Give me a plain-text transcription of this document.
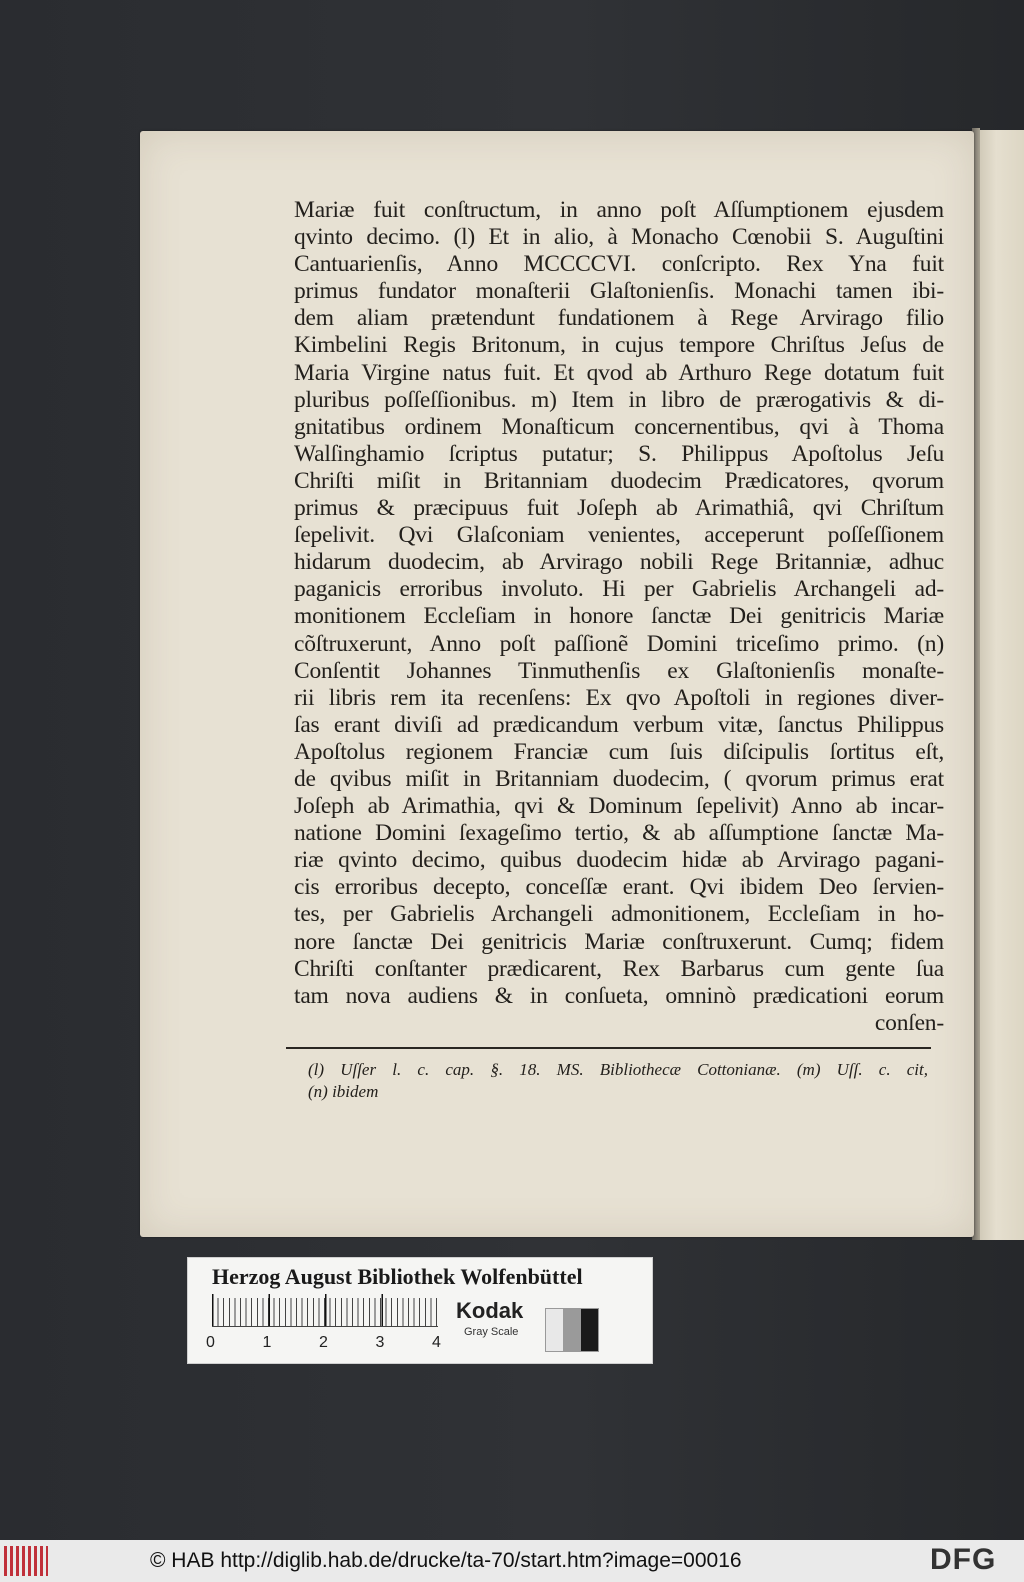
Mariæ fuit conſtructum, in anno poſt Aſſumptionem ejusdem
qvinto decimo. (l) Et in alio, à Monacho Cœnobii S. Auguſtini
Cantuarienſis, Anno MCCCCVI. conſcripto. Rex Yna fuit
primus fundator monaſterii Glaſtonienſis. Monachi tamen ibi-
dem aliam prætendunt fundationem à Rege Arvirago filio
Kimbelini Regis Britonum, in cujus tempore Chriſtus Jeſus de
Maria Virgine natus fuit. Et qvod ab Arthuro Rege dotatum fuit
pluribus poſſeſſionibus. m) Item in libro de prærogativis & di-
gnitatibus ordinem Monaſticum concernentibus, qvi à Thoma
Walſinghamio ſcriptus putatur; S. Philippus Apoſtolus Jeſu
Chriſti miſit in Britanniam duodecim Prædicatores, qvorum
primus & præcipuus fuit Joſeph ab Arimathiâ, qvi Chriſtum
ſepelivit. Qvi Glaſconiam venientes, acceperunt poſſeſſionem
hidarum duodecim, ab Arvirago nobili Rege Britanniæ, adhuc
paganicis erroribus involuto. Hi per Gabrielis Archangeli ad-
monitionem Eccleſiam in honore ſanctæ Dei genitricis Mariæ
cõſtruxerunt, Anno poſt paſſionẽ Domini triceſimo primo. (n)
Conſentit Johannes Tinmuthenſis ex Glaſtonienſis monaſte-
rii libris rem ita recenſens: Ex qvo Apoſtoli in regiones diver-
ſas erant diviſi ad prædicandum verbum vitæ, ſanctus Philippus
Apoſtolus regionem Franciæ cum ſuis diſcipulis ſortitus eſt,
de qvibus miſit in Britanniam duodecim, ( qvorum primus erat
Joſeph ab Arimathia, qvi & Dominum ſepelivit) Anno ab incar-
natione Domini ſexageſimo tertio, & ab aſſumptione ſanctæ Ma-
riæ qvinto decimo, quibus duodecim hidæ ab Arvirago pagani-
cis erroribus decepto, conceſſæ erant. Qvi ibidem Deo ſervien-
tes, per Gabrielis Archangeli admonitionem, Eccleſiam in ho-
nore ſanctæ Dei genitricis Mariæ conſtruxerunt. Cumq; fidem
Chriſti conſtanter prædicarent, Rex Barbarus cum gente ſua
tam nova audiens & in conſueta, omninò prædicationi eorum
conſen-
(l) Uſſer l. c. cap. §. 18. MS. Bibliothecæ Cottonianæ. (m) Uſſ. c. cit,
(n) ibidem
Herzog August Bibliothek Wolfenbüttel
0	1	2	3	4
Kodak
Gray Scale
© HAB http://diglib.hab.de/drucke/ta-70/start.htm?image=00016	DFG
